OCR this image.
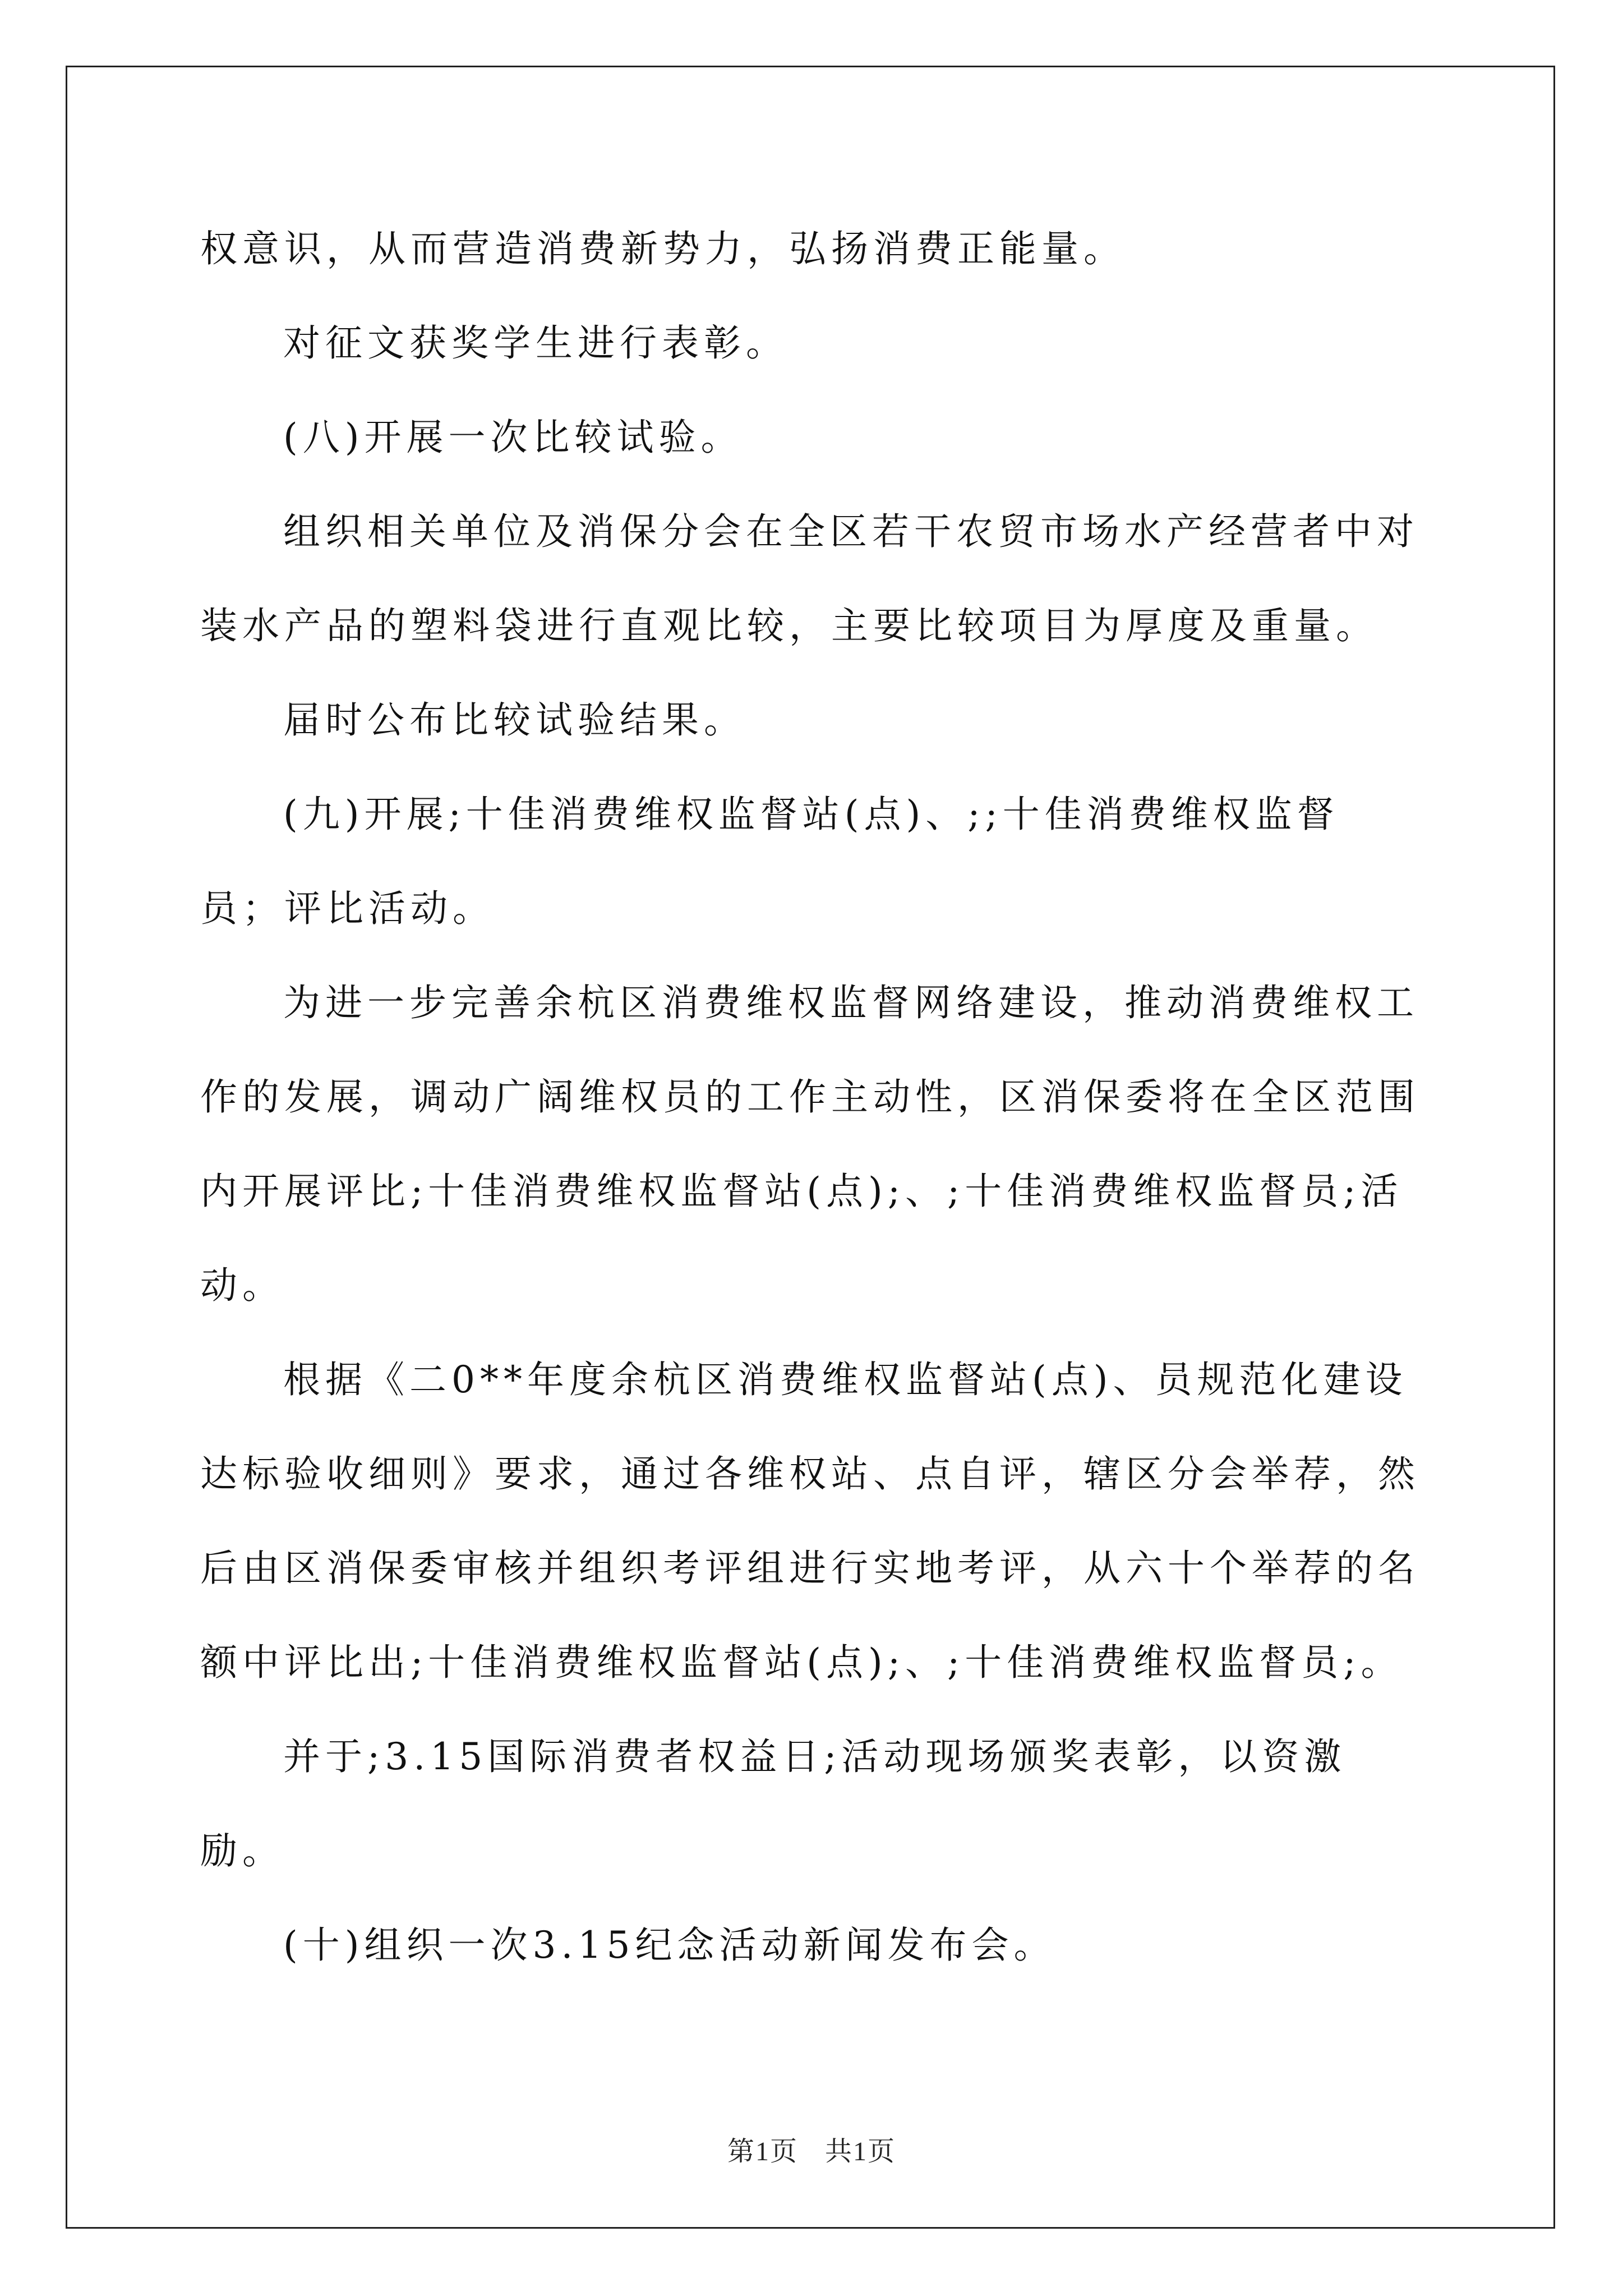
权意识，从而营造消费新势力，弘扬消费正能量。

对征文获奖学生进行表彰。

(八)开展一次比较试验。

组织相关单位及消保分会在全区若干农贸市场水产经营者中对装水产品的塑料袋进行直观比较，主要比较项目为厚度及重量。

届时公布比较试验结果。

(九)开展;十佳消费维权监督站(点)、;;十佳消费维权监督员；评比活动。

为进一步完善余杭区消费维权监督网络建设，推动消费维权工作的发展，调动广阔维权员的工作主动性，区消保委将在全区范围内开展评比;十佳消费维权监督站(点);、;十佳消费维权监督员;活动。

根据《二0**年度余杭区消费维权监督站(点)、员规范化建设达标验收细则》要求，通过各维权站、点自评，辖区分会举荐，然后由区消保委审核并组织考评组进行实地考评，从六十个举荐的名额中评比出;十佳消费维权监督站(点);、;十佳消费维权监督员;。

并于;3.15国际消费者权益日;活动现场颁奖表彰，以资激励。

(十)组织一次3.15纪念活动新闻发布会。

第1页 共1页
